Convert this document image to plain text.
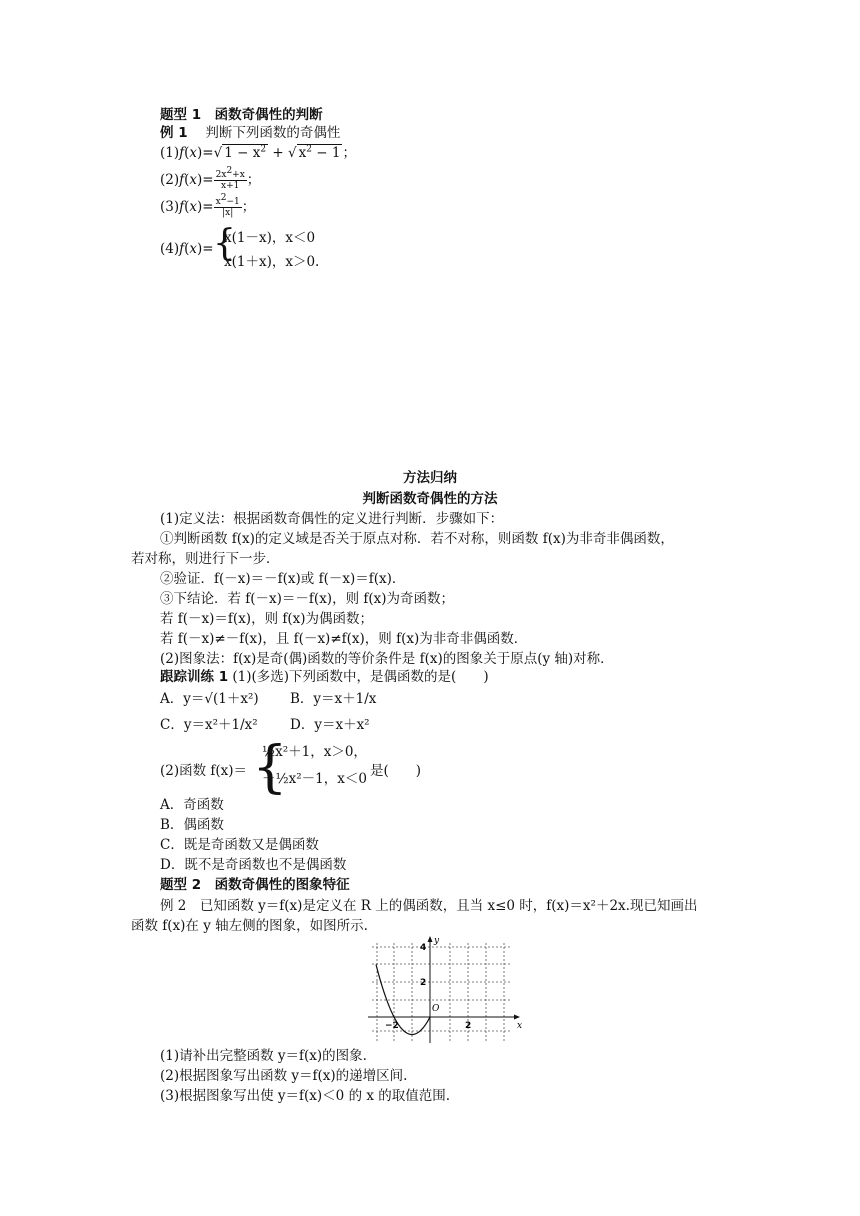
题型 1　函数奇偶性的判断
例 1 　判断下列函数的奇偶性
(1)f(x)=√ $1 - x^2$ + √ $x^2 - 1$ ；
$(2)f(x)= \frac{2x^2+x}{x+1}$ ；
$(3)f(x)= \frac{x^2-1}{|x|}$ ；
(4)f(x)= {
x(1－x)，x＜0
x(1＋x)，x＞0.
方法归纳
判断函数奇偶性的方法
(1)定义法：根据函数奇偶性的定义进行判断．步骤如下：
①判断函数 f(x)的定义域是否关于原点对称．若不对称，则函数 f(x)为非奇非偶函数，
若对称，则进行下一步．
②验证．f(－x)＝－f(x)或 f(－x)＝f(x)．
③下结论．若 f(－x)＝－f(x)，则 f(x)为奇函数；
若 f(－x)＝f(x)，则 f(x)为偶函数；
若 f(－x)≠－f(x)，且 f(－x)≠f(x)，则 f(x)为非奇非偶函数．
(2)图象法：f(x)是奇(偶)函数的等价条件是 f(x)的图象关于原点(y 轴)对称．
跟踪训练 1 (1)(多选)下列函数中，是偶函数的是(　　)
A．y＝√(1＋x²) B．y＝x＋1/x
C．y＝x²＋1/x² D．y＝x＋x²
(2)函数 f(x)＝ {
½x²＋1，x＞0，
－½x²－1，x＜0 是(　　)
A．奇函数
B．偶函数
C．既是奇函数又是偶函数
D．既不是奇函数也不是偶函数
题型 2　函数奇偶性的图象特征
例 2　已知函数 y＝f(x)是定义在 R 上的偶函数，且当 x≤0 时，f(x)＝x²＋2x.现已知画出
函数 f(x)在 y 轴左侧的图象，如图所示.
y
x
O
4
2
−2	2
(1)请补出完整函数 y＝f(x)的图象.
(2)根据图象写出函数 y＝f(x)的递增区间.
(3)根据图象写出使 y＝f(x)＜0 的 x 的取值范围.
